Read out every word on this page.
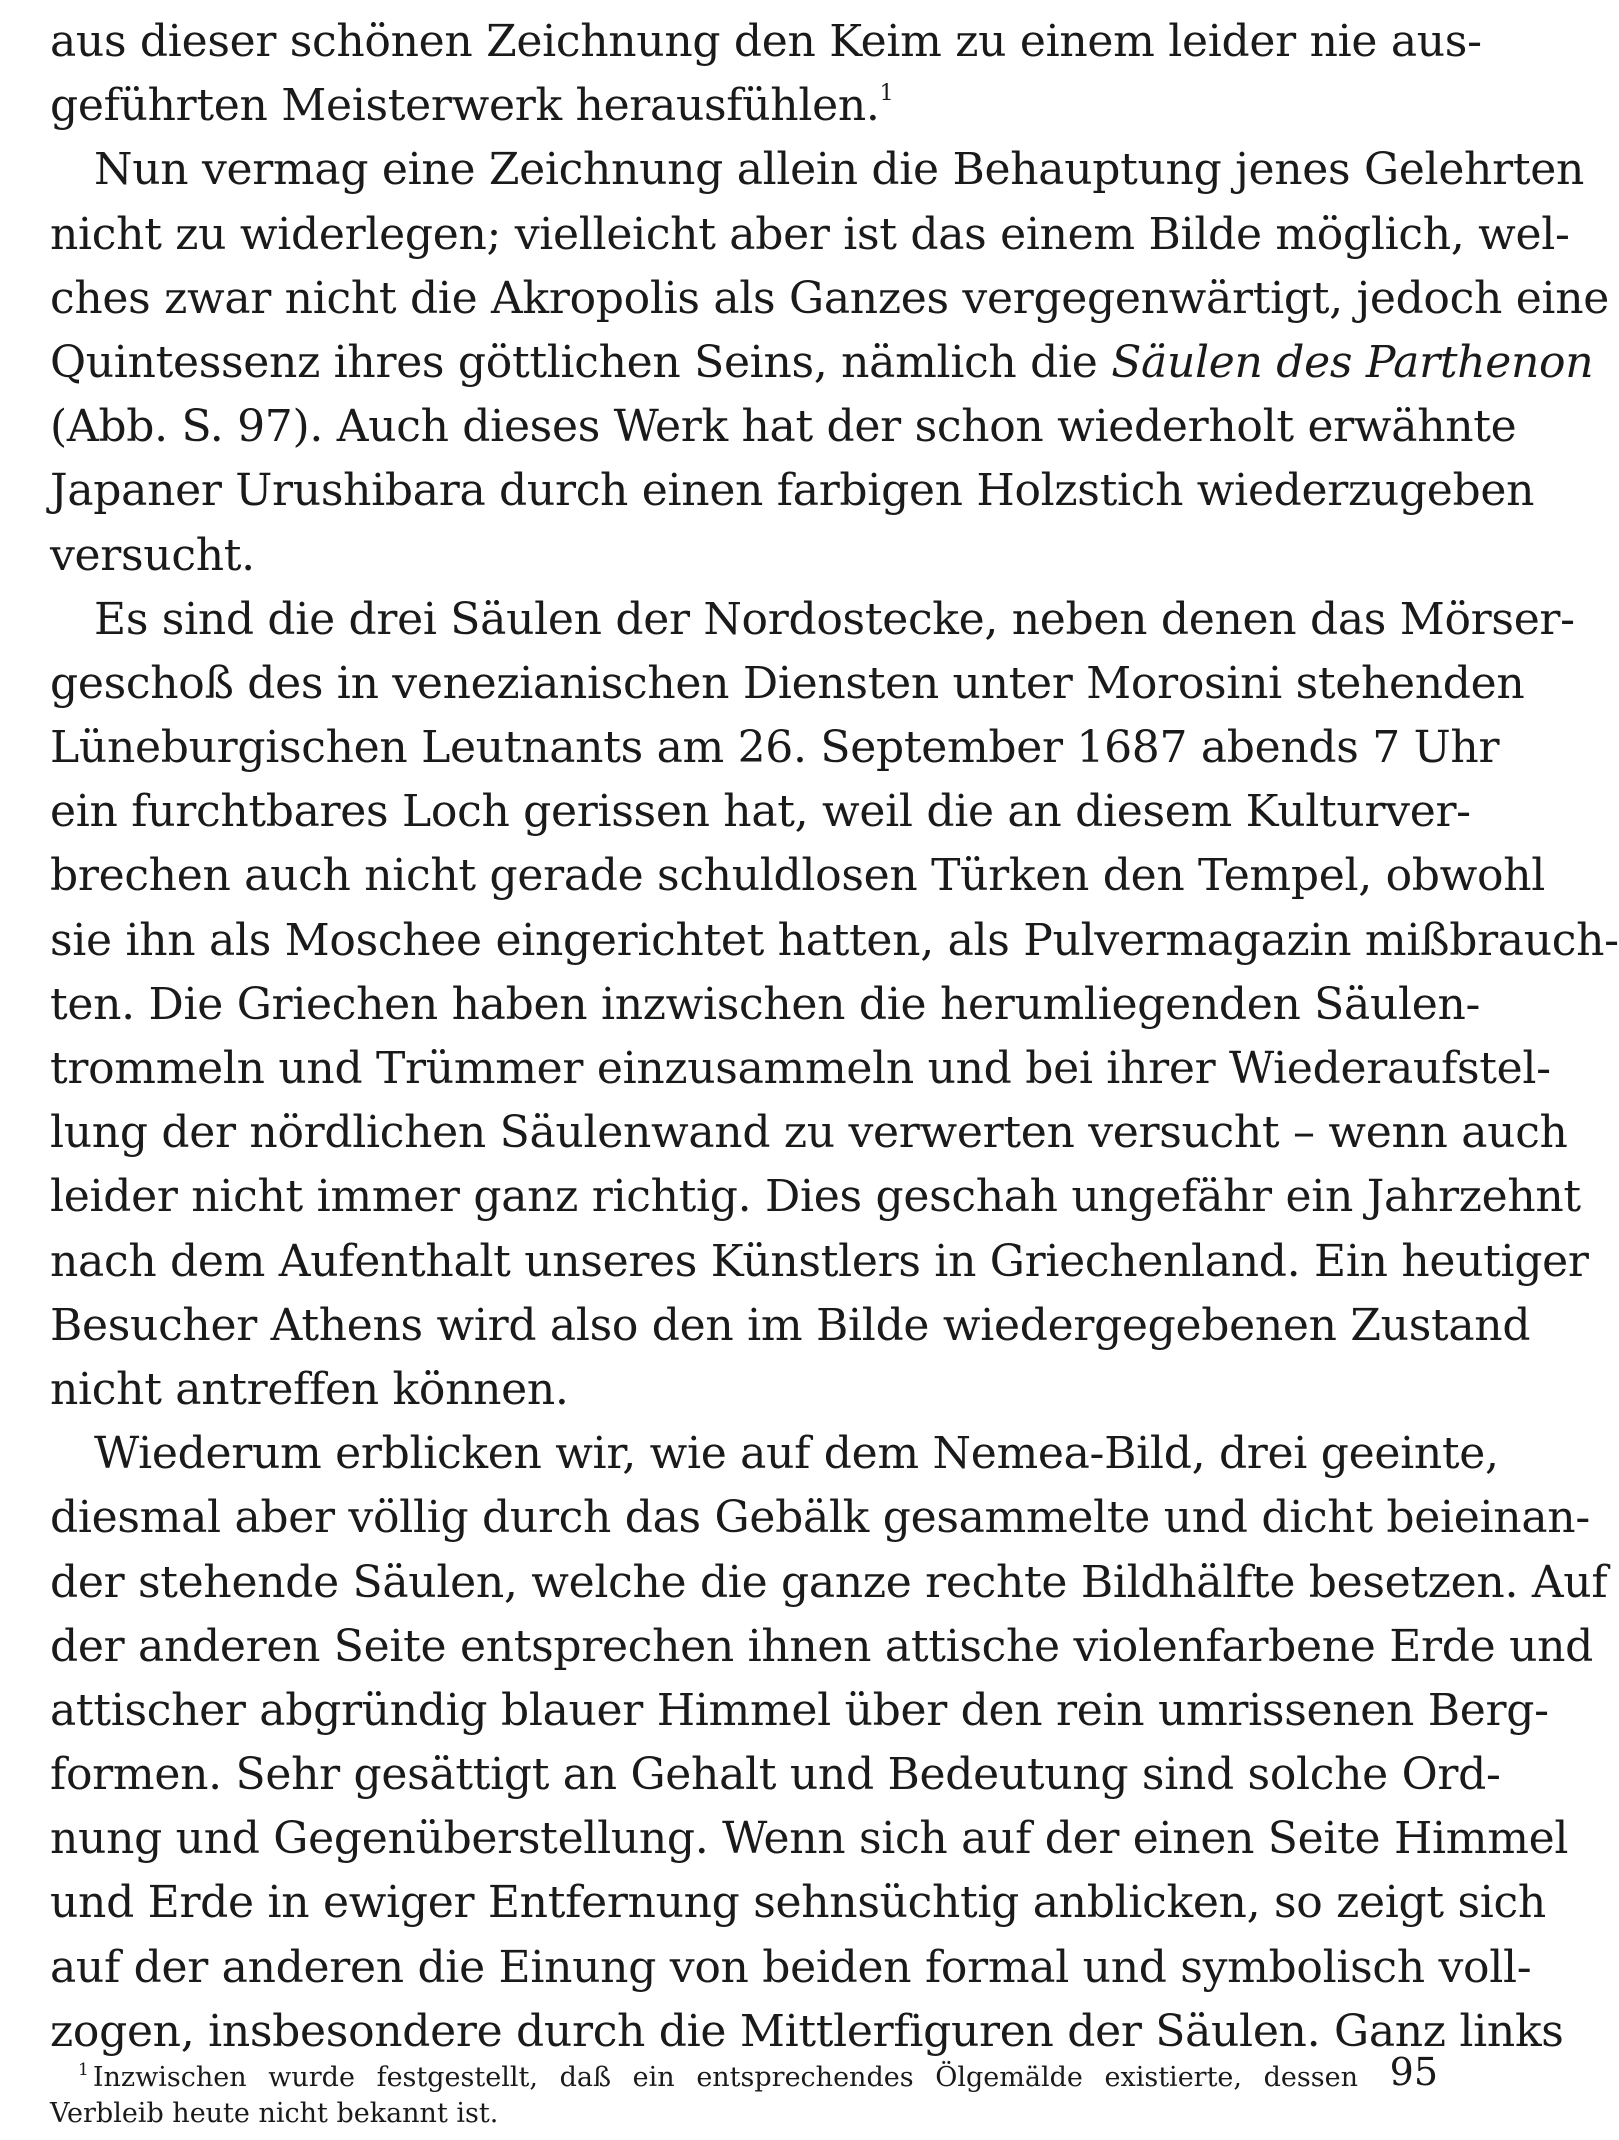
aus dieser schönen Zeichnung den Keim zu einem leider nie aus-
geführten Meisterwerk herausfühlen.$^1$
Nun vermag eine Zeichnung allein die Behauptung jenes Gelehrten
nicht zu widerlegen; vielleicht aber ist das einem Bilde möglich, wel-
ches zwar nicht die Akropolis als Ganzes vergegenwärtigt, jedoch eine
Quintessenz ihres göttlichen Seins, nämlich die Säulen des Parthenon
(Abb. S. 97). Auch dieses Werk hat der schon wiederholt erwähnte
Japaner Urushibara durch einen farbigen Holzstich wiederzugeben
versucht.
Es sind die drei Säulen der Nordostecke, neben denen das Mörser-
geschoß des in venezianischen Diensten unter Morosini stehenden
Lüneburgischen Leutnants am 26. September 1687 abends 7 Uhr
ein furchtbares Loch gerissen hat, weil die an diesem Kulturver-
brechen auch nicht gerade schuldlosen Türken den Tempel, obwohl
sie ihn als Moschee eingerichtet hatten, als Pulvermagazin mißbrauch-
ten. Die Griechen haben inzwischen die herumliegenden Säulen-
trommeln und Trümmer einzusammeln und bei ihrer Wiederaufstel-
lung der nördlichen Säulenwand zu verwerten versucht – wenn auch
leider nicht immer ganz richtig. Dies geschah ungefähr ein Jahrzehnt
nach dem Aufenthalt unseres Künstlers in Griechenland. Ein heutiger
Besucher Athens wird also den im Bilde wiedergegebenen Zustand
nicht antreffen können.
Wiederum erblicken wir, wie auf dem Nemea-Bild, drei geeinte,
diesmal aber völlig durch das Gebälk gesammelte und dicht beieinan-
der stehende Säulen, welche die ganze rechte Bildhälfte besetzen. Auf
der anderen Seite entsprechen ihnen attische violenfarbene Erde und
attischer abgründig blauer Himmel über den rein umrissenen Berg-
formen. Sehr gesättigt an Gehalt und Bedeutung sind solche Ord-
nung und Gegenüberstellung. Wenn sich auf der einen Seite Himmel
und Erde in ewiger Entfernung sehnsüchtig anblicken, so zeigt sich
auf der anderen die Einung von beiden formal und symbolisch voll-
zogen, insbesondere durch die Mittlerfiguren der Säulen. Ganz links
$^1$ Inzwischen wurde festgestellt, daß ein entsprechendes Ölgemälde existierte, dessen
Verbleib heute nicht bekannt ist.
95
